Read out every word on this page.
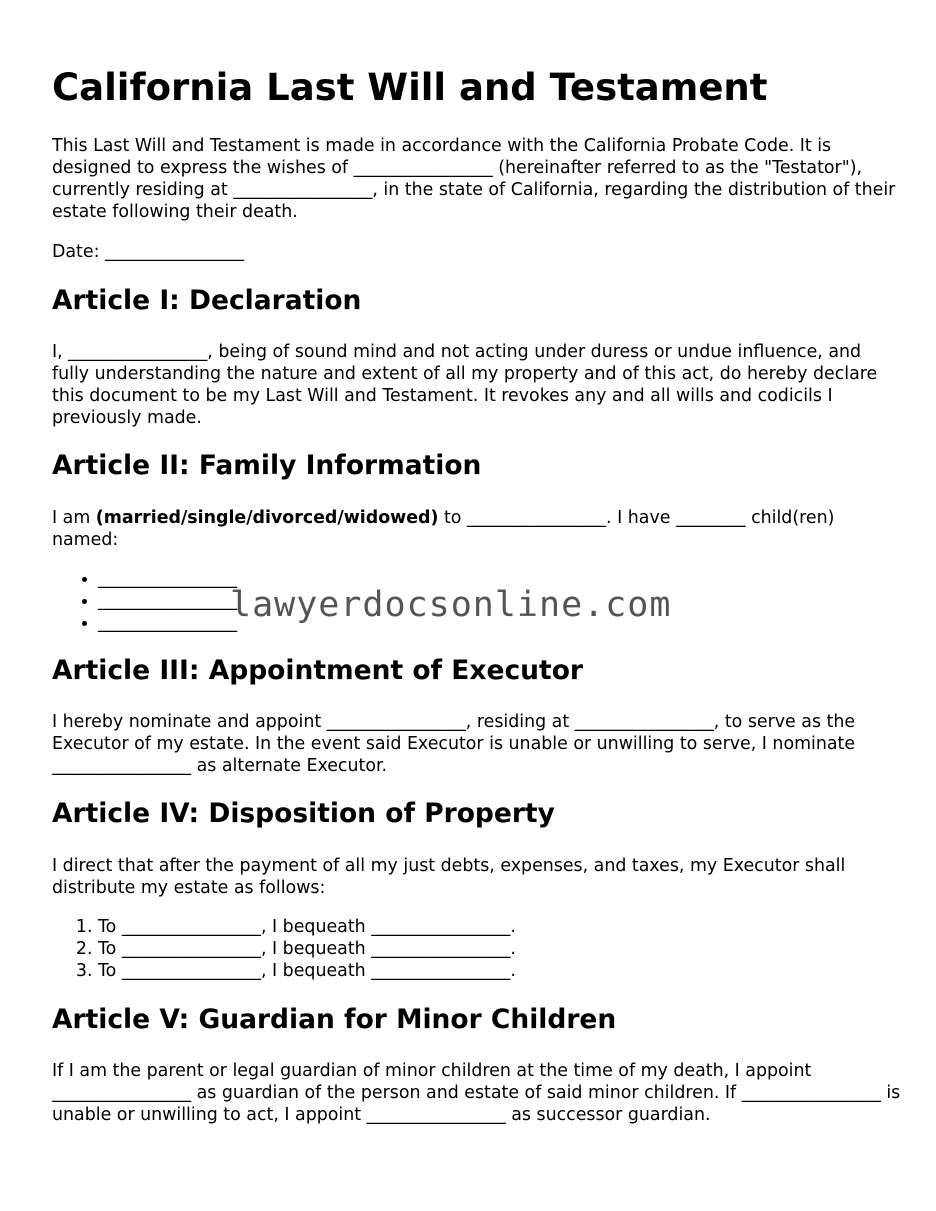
California Last Will and Testament

This Last Will and Testament is made in accordance with the California Probate Code. It is designed to express the wishes of ________________ (hereinafter referred to as the "Testator"), currently residing at ________________, in the state of California, regarding the distribution of their estate following their death.

Date: ________________

Article I: Declaration

I, ________________, being of sound mind and not acting under duress or undue influence, and fully understanding the nature and extent of all my property and of this act, do hereby declare this document to be my Last Will and Testament. It revokes any and all wills and codicils I previously made.

Article II: Family Information

I am (married/single/divorced/widowed) to ________________. I have ________ child(ren) named:

• ________________
• ________________
• ________________
Article III: Appointment of Executor

I hereby nominate and appoint ________________, residing at ________________, to serve as the Executor of my estate. In the event said Executor is unable or unwilling to serve, I nominate ________________ as alternate Executor.

Article IV: Disposition of Property

I direct that after the payment of all my just debts, expenses, and taxes, my Executor shall distribute my estate as follows:

1. To ________________, I bequeath ________________.
2. To ________________, I bequeath ________________.
3. To ________________, I bequeath ________________.
Article V: Guardian for Minor Children

If I am the parent or legal guardian of minor children at the time of my death, I appoint ________________ as guardian of the person and estate of said minor children. If ________________ is unable or unwilling to act, I appoint ________________ as successor guardian.

lawyerdocsonline.com
